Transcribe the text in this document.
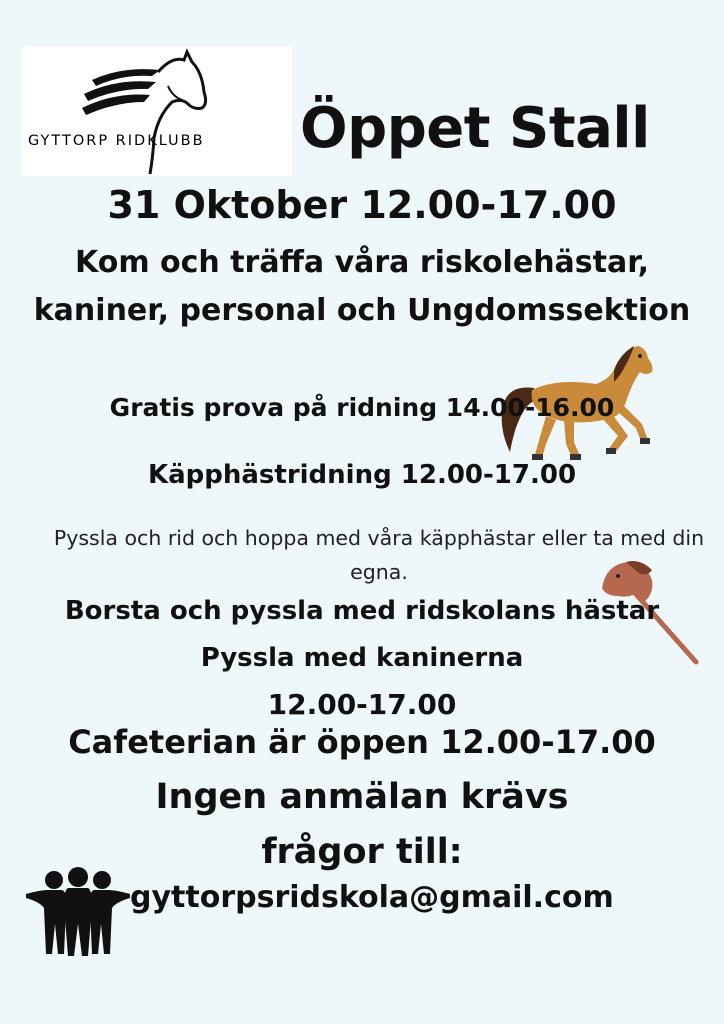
GYTTORP RIDKLUBB	Öppet Stall
31 Oktober 12.00-17.00
Kom och träffa våra riskolehästar,
kaniner, personal och Ungdomssektion
Gratis prova på ridning 14.00-16.00
Käpphästridning 12.00-17.00
Pyssla och rid och hoppa med våra käpphästar eller ta med din egna.
Borsta och pyssla med ridskolans hästar
Pyssla med kaninerna
12.00-17.00
Cafeterian är öppen 12.00-17.00
Ingen anmälan krävs
frågor till:
gyttorpsridskola@gmail.com
